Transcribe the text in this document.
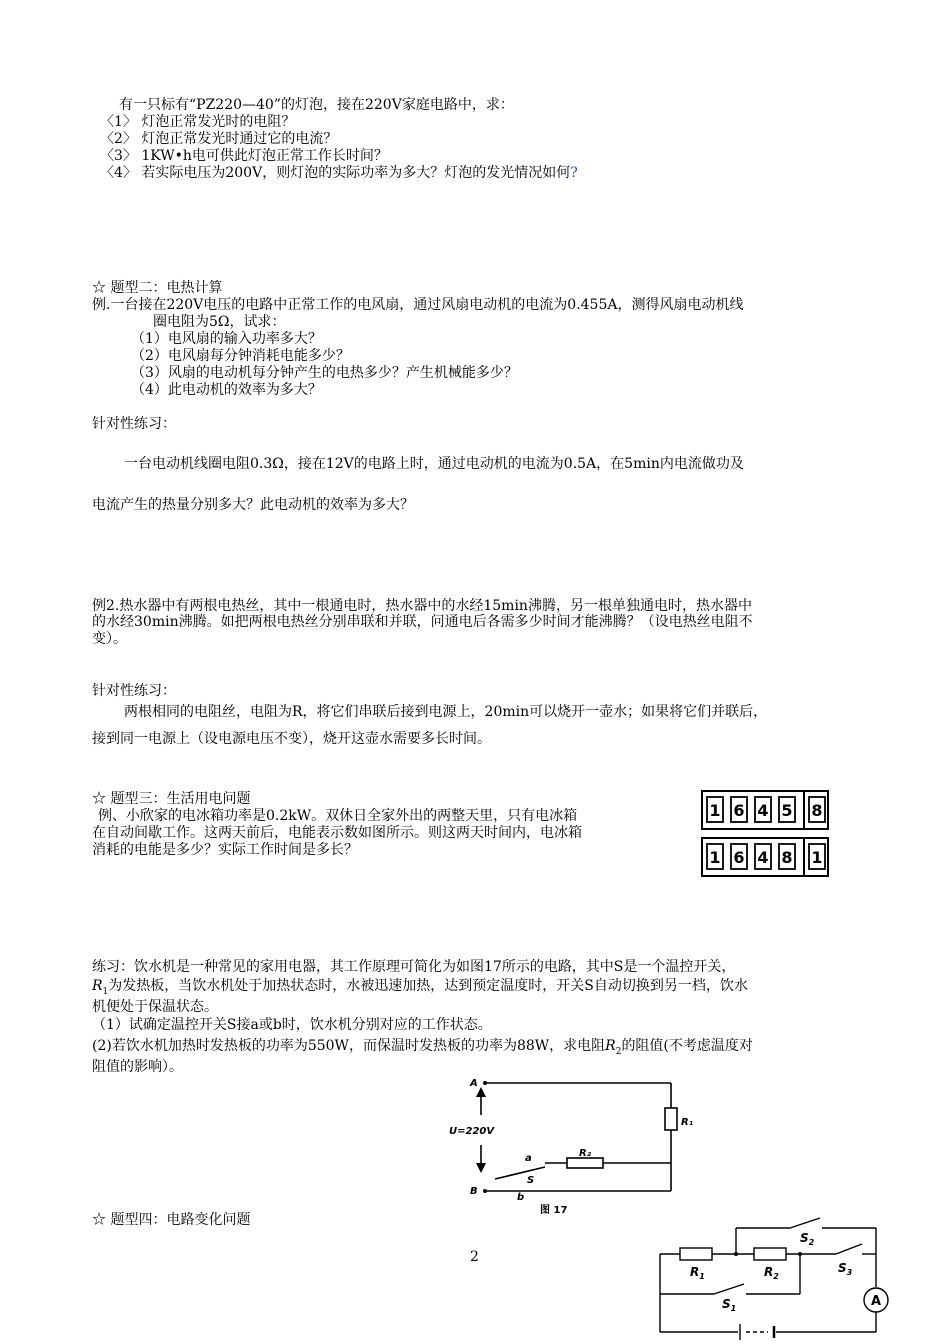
有一只标有“PZ220—40”的灯泡，接在220V家庭电路中，求：
〈1〉 灯泡正常发光时的电阻？
〈2〉 灯泡正常发光时通过它的电流？
〈3〉 1KW•h电可供此灯泡正常工作长时间？
〈4〉 若实际电压为200V，则灯泡的实际功率为多大？灯泡的发光情况如何?
☆ 题型二：电热计算
例.一台接在220V电压的电路中正常工作的电风扇，通过风扇电动机的电流为0.455A，测得风扇电动机线
圈电阻为5Ω，试求：
（1）电风扇的输入功率多大？
（2）电风扇每分钟消耗电能多少？
（3）风扇的电动机每分钟产生的电热多少？产生机械能多少？
（4）此电动机的效率为多大？
针对性练习：
一台电动机线圈电阻0.3Ω，接在12V的电路上时，通过电动机的电流为0.5A，在5min内电流做功及
电流产生的热量分别多大？此电动机的效率为多大？
例2.热水器中有两根电热丝，其中一根通电时，热水器中的水经15min沸腾，另一根单独通电时，热水器中
的水经30min沸腾。如把两根电热丝分别串联和并联，问通电后各需多少时间才能沸腾？（设电热丝电阻不
变）。
针对性练习：
两根相同的电阻丝，电阻为R，将它们串联后接到电源上，20min可以烧开一壶水；如果将它们并联后，
接到同一电源上（设电源电压不变），烧开这壶水需要多长时间。
☆ 题型三：生活用电问题
例、小欣家的电冰箱功率是0.2kW。双休日全家外出的两整天里，只有电冰箱
在自动间歇工作。这两天前后，电能表示数如图所示。则这两天时间内，电冰箱
消耗的电能是多少？实际工作时间是多长？
1 6 4 5 8
1 6 4 8 1
练习：饮水机是一种常见的家用电器，其工作原理可简化为如图17所示的电路，其中S是一个温控开关，
$R_1$为发热板，当饮水机处于加热状态时，水被迅速加热，达到预定温度时，开关S自动切换到另一档，饮水
机便处于保温状态。
（1）试确定温控开关S接a或b时，饮水机分别对应的工作状态。
(2)若饮水机加热时发热板的功率为550W，而保温时发热板的功率为88W，求电阻$R_2$的阻值(不考虑温度对
阻值的影响）。
A
B
U=220V
R₁
R₂
a
b
S
图 17
☆ 题型四：电路变化问题
2
$R_1$	$R_2$
$S_1$
$S_2$
$S_3$
A
